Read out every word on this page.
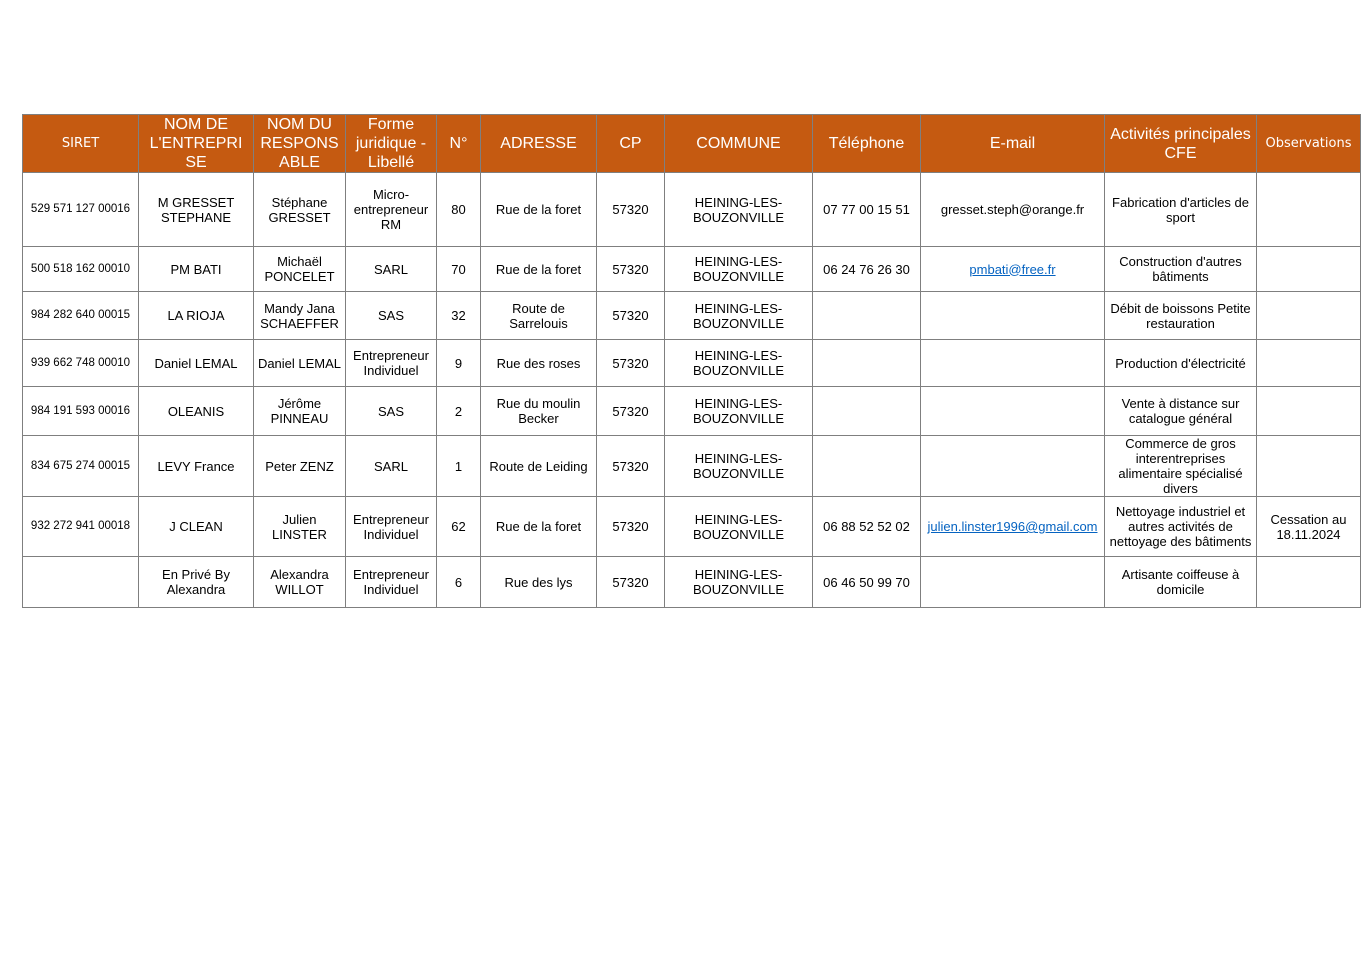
SIRET	NOM DE L'ENTREPRI SE	NOM DU RESPONS ABLE	Forme juridique - Libellé	N°	ADRESSE	CP	COMMUNE	Téléphone	E-mail	Activités principales CFE	Observations
529 571 127 00016	M GRESSET STEPHANE	Stéphane GRESSET	Micro-entrepreneur RM	80	Rue de la foret	57320	HEINING-LES-BOUZONVILLE	07 77 00 15 51	gresset.steph@orange.fr	Fabrication d'articles de sport	
500 518 162 00010	PM BATI	Michaël PONCELET	SARL	70	Rue de la foret	57320	HEINING-LES-BOUZONVILLE	06 24 76 26 30	pmbati@free.fr	Construction d'autres bâtiments	
984 282 640 00015	LA RIOJA	Mandy Jana SCHAEFFER	SAS	32	Route de Sarrelouis	57320	HEINING-LES-BOUZONVILLE			Débit de boissons Petite restauration	
939 662 748 00010	Daniel LEMAL	Daniel LEMAL	Entrepreneur Individuel	9	Rue des roses	57320	HEINING-LES-BOUZONVILLE			Production d'électricité	
984 191 593 00016	OLEANIS	Jérôme PINNEAU	SAS	2	Rue du moulin Becker	57320	HEINING-LES-BOUZONVILLE			Vente à distance sur catalogue général	
834 675 274 00015	LEVY France	Peter ZENZ	SARL	1	Route de Leiding	57320	HEINING-LES-BOUZONVILLE			Commerce de gros interentreprises alimentaire spécialisé divers	
932 272 941 00018	J CLEAN	Julien LINSTER	Entrepreneur Individuel	62	Rue de la foret	57320	HEINING-LES-BOUZONVILLE	06 88 52 52 02	julien.linster1996@gmail.com	Nettoyage industriel et autres activités de nettoyage des bâtiments	Cessation au 18.11.2024
	En Privé By Alexandra	Alexandra WILLOT	Entrepreneur Individuel	6	Rue des lys	57320	HEINING-LES-BOUZONVILLE	06 46 50 99 70		Artisante coiffeuse à domicile	
